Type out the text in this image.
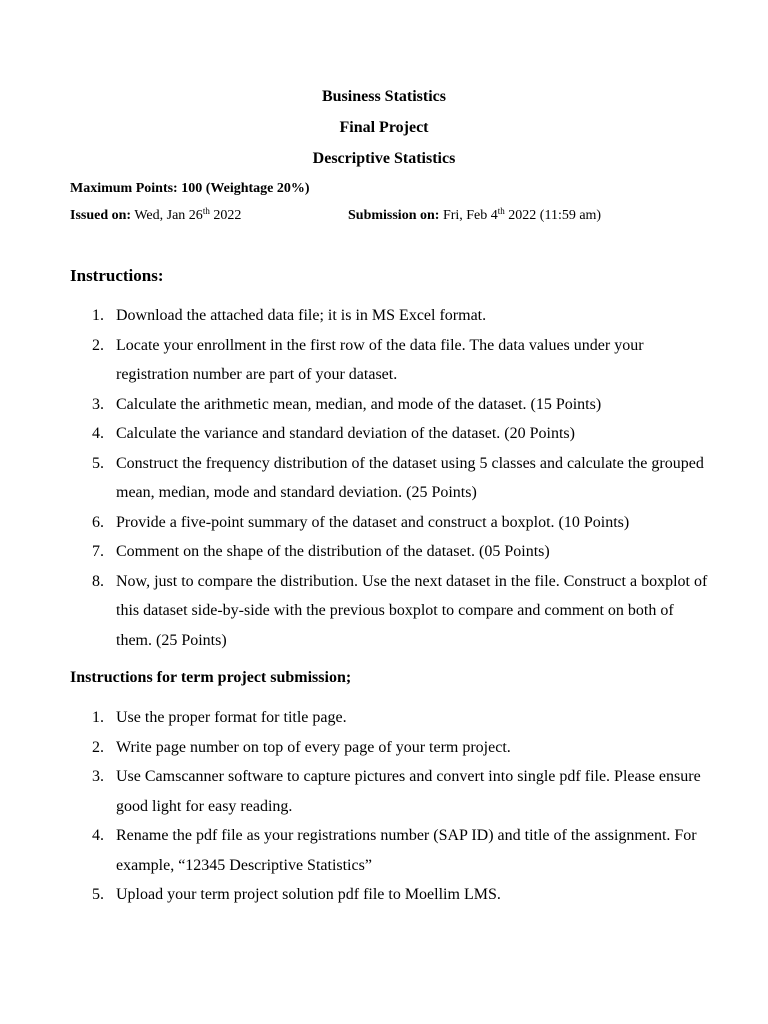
Business Statistics
Final Project
Descriptive Statistics
Maximum Points: 100 (Weightage 20%)
Issued on: Wed, Jan 26th 2022	Submission on: Fri, Feb 4th 2022 (11:59 am)
Instructions:
1. Download the attached data file; it is in MS Excel format.
2. Locate your enrollment in the first row of the data file. The data values under your registration number are part of your dataset.
3. Calculate the arithmetic mean, median, and mode of the dataset. (15 Points)
4. Calculate the variance and standard deviation of the dataset. (20 Points)
5. Construct the frequency distribution of the dataset using 5 classes and calculate the grouped mean, median, mode and standard deviation. (25 Points)
6. Provide a five-point summary of the dataset and construct a boxplot. (10 Points)
7. Comment on the shape of the distribution of the dataset. (05 Points)
8. Now, just to compare the distribution. Use the next dataset in the file. Construct a boxplot of this dataset side-by-side with the previous boxplot to compare and comment on both of them. (25 Points)
Instructions for term project submission;
1. Use the proper format for title page.
2. Write page number on top of every page of your term project.
3. Use Camscanner software to capture pictures and convert into single pdf file. Please ensure good light for easy reading.
4. Rename the pdf file as your registrations number (SAP ID) and title of the assignment. For example, “12345 Descriptive Statistics”
5. Upload your term project solution pdf file to Moellim LMS.
